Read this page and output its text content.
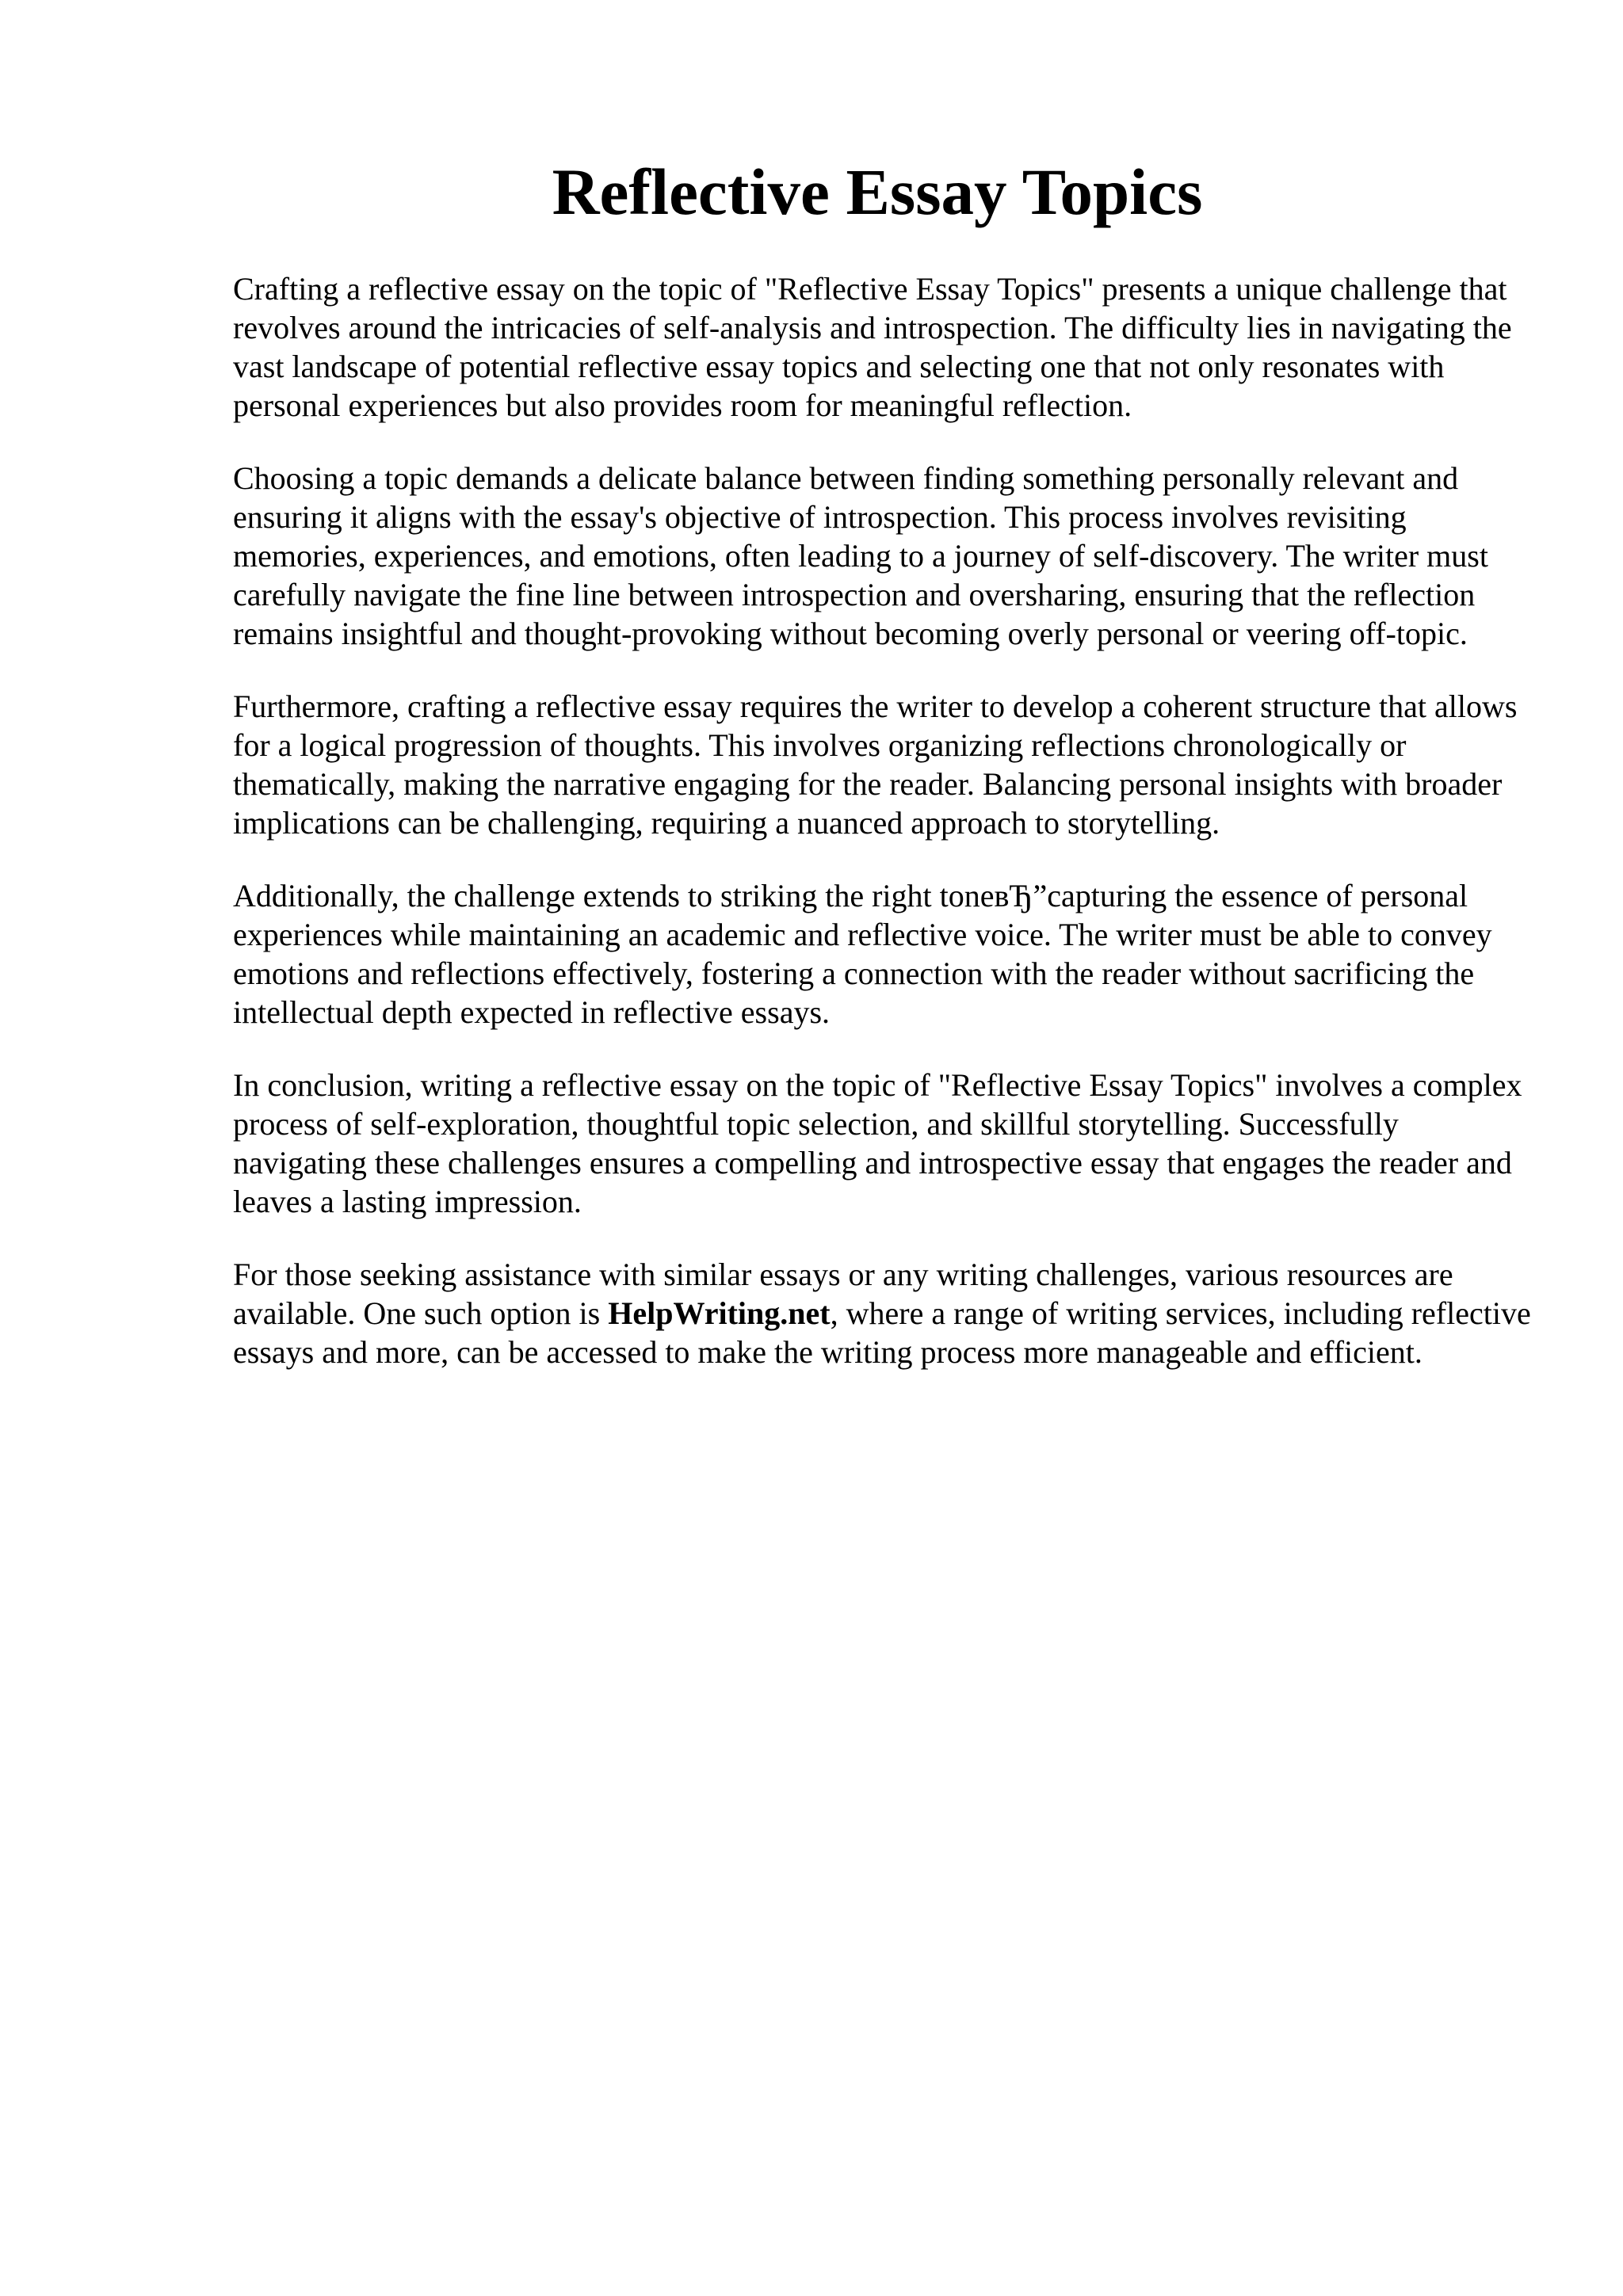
Reflective Essay Topics

Crafting a reflective essay on the topic of "Reflective Essay Topics" presents a unique challenge that revolves around the intricacies of self-analysis and introspection. The difficulty lies in navigating the vast landscape of potential reflective essay topics and selecting one that not only resonates with personal experiences but also provides room for meaningful reflection.

Choosing a topic demands a delicate balance between finding something personally relevant and ensuring it aligns with the essay's objective of introspection. This process involves revisiting memories, experiences, and emotions, often leading to a journey of self-discovery. The writer must carefully navigate the fine line between introspection and oversharing, ensuring that the reflection remains insightful and thought-provoking without becoming overly personal or veering off-topic.

Furthermore, crafting a reflective essay requires the writer to develop a coherent structure that allows for a logical progression of thoughts. This involves organizing reflections chronologically or thematically, making the narrative engaging for the reader. Balancing personal insights with broader implications can be challenging, requiring a nuanced approach to storytelling.

Additionally, the challenge extends to striking the right toneвЂ”capturing the essence of personal experiences while maintaining an academic and reflective voice. The writer must be able to convey emotions and reflections effectively, fostering a connection with the reader without sacrificing the intellectual depth expected in reflective essays.

In conclusion, writing a reflective essay on the topic of "Reflective Essay Topics" involves a complex process of self-exploration, thoughtful topic selection, and skillful storytelling. Successfully navigating these challenges ensures a compelling and introspective essay that engages the reader and leaves a lasting impression.

For those seeking assistance with similar essays or any writing challenges, various resources are available. One such option is HelpWriting.net, where a range of writing services, including reflective essays and more, can be accessed to make the writing process more manageable and efficient.
